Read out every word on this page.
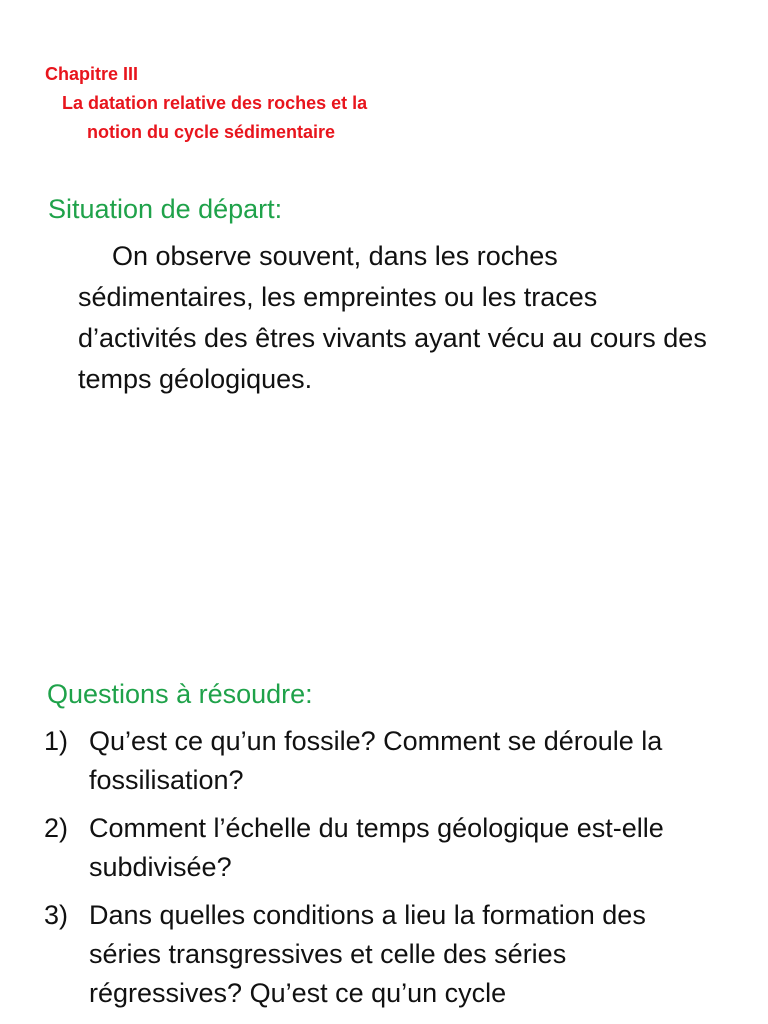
Chapitre III
La datation relative des roches et la
notion du cycle sédimentaire
Situation de départ:

On observe souvent, dans les roches sédimentaires, les empreintes ou les traces d’activités des êtres vivants ayant vécu au cours des temps géologiques.

Questions à résoudre:
1) Qu’est ce qu’un fossile? Comment se déroule la fossilisation?
2) Comment l’échelle du temps géologique est-elle subdivisée?
3) Dans quelles conditions a lieu la formation des séries transgressives et celle des séries régressives? Qu’est ce qu’un cycle
